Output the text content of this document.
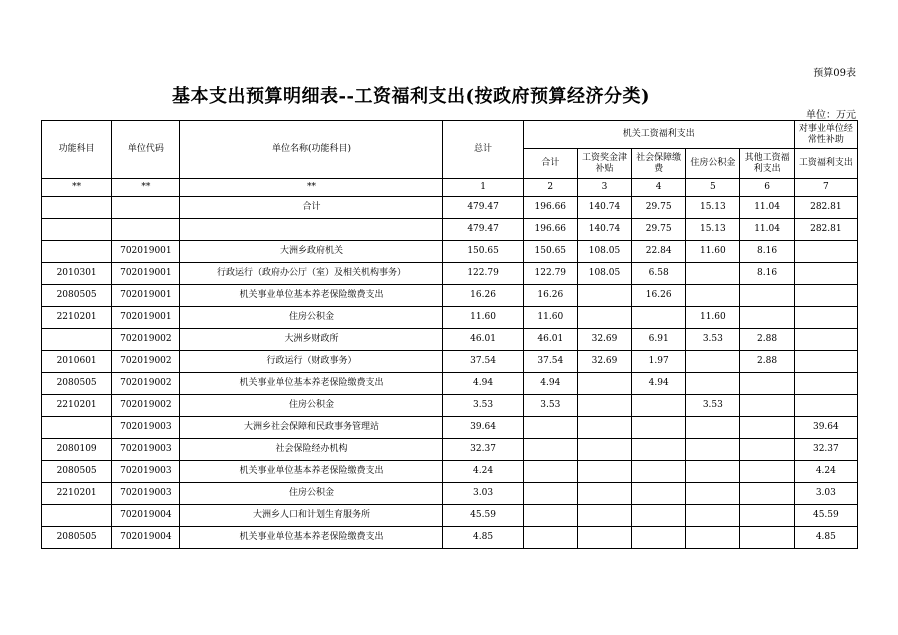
预算09表
基本支出预算明细表--工资福利支出(按政府预算经济分类)
单位：万元
功能科目	单位代码	单位名称(功能科目)	总计	机关工资福利支出					对事业单位经常性补助
				合计	工资奖金津补贴	社会保障缴费	住房公积金	其他工资福利支出	工资福利支出
**	**	**	1	2	3	4	5	6	7
		合计	479.47	196.66	140.74	29.75	15.13	11.04	282.81
			479.47	196.66	140.74	29.75	15.13	11.04	282.81
	702019001	大洲乡政府机关	150.65	150.65	108.05	22.84	11.60	8.16	
2010301	702019001	行政运行（政府办公厅（室）及相关机构事务）	122.79	122.79	108.05	6.58		8.16	
2080505	702019001	机关事业单位基本养老保险缴费支出	16.26	16.26		16.26			
2210201	702019001	住房公积金	11.60	11.60			11.60		
	702019002	大洲乡财政所	46.01	46.01	32.69	6.91	3.53	2.88	
2010601	702019002	行政运行（财政事务）	37.54	37.54	32.69	1.97		2.88	
2080505	702019002	机关事业单位基本养老保险缴费支出	4.94	4.94		4.94			
2210201	702019002	住房公积金	3.53	3.53			3.53		
	702019003	大洲乡社会保障和民政事务管理站	39.64						39.64
2080109	702019003	社会保险经办机构	32.37						32.37
2080505	702019003	机关事业单位基本养老保险缴费支出	4.24						4.24
2210201	702019003	住房公积金	3.03						3.03
	702019004	大洲乡人口和计划生育服务所	45.59						45.59
2080505	702019004	机关事业单位基本养老保险缴费支出	4.85						4.85
